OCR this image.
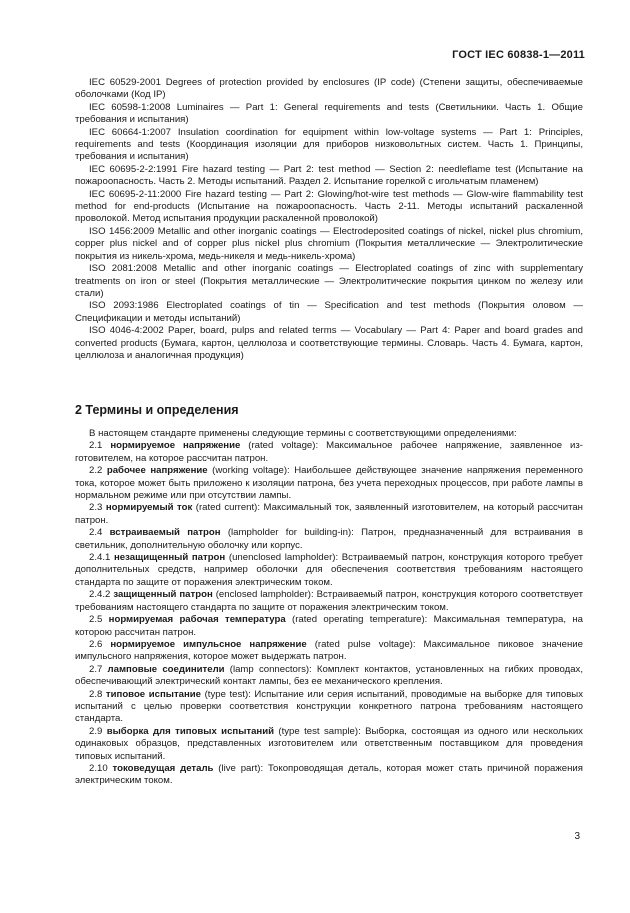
ГОСТ IEC 60838-1—2011

IEC 60529-2001 Degrees of protection provided by enclosures (IP code) (Степени защиты, обеспечиваемые оболочками (Код IP)

IEC 60598-1:2008 Luminaires — Part 1: General requirements and tests (Светильники. Часть 1. Общие требования и испытания)

IEC 60664-1:2007 Insulation coordination for equipment within low-voltage systems — Part 1: Principles, requirements and tests (Координация изоляции для приборов низковольтных систем. Часть 1. Принципы, требования и испытания)

IEC 60695-2-2:1991 Fire hazard testing — Part 2: test method — Section 2: needleflame test (Испытание на пожароопасность. Часть 2. Методы испытаний. Раздел 2. Испытание горелкой с игольчатым пламенем)

IEC 60695-2-11:2000 Fire hazard testing — Part 2: Glowing/hot-wire test methods — Glow-wire flammability test method for end-products (Испытание на пожароопасность. Часть 2-11. Методы испытаний раскаленной проволокой. Метод испытания продукции раскаленной проволокой)

ISO 1456:2009 Metallic and other inorganic coatings — Electrodeposited coatings of nickel, nickel plus chromium, copper plus nickel and of copper plus nickel plus chromium (Покрытия металлические — Электролитические покрытия из никель-хрома, медь-никеля и медь-никель-хрома)

ISO 2081:2008 Metallic and other inorganic coatings — Electroplated coatings of zinc with supplementary treatments on iron or steel (Покрытия металлические — Электролитические покрытия цинком по железу или стали)

ISO 2093:1986 Electroplated coatings of tin — Specification and test methods (Покрытия оловом — Спецификации и методы испытаний)

ISO 4046-4:2002 Paper, board, pulps and related terms — Vocabulary — Part 4: Paper and board grades and converted products (Бумага, картон, целлюлоза и соответствующие термины. Словарь. Часть 4. Бумага, картон, целлюлоза и аналогичная продукция)

2 Термины и определения

В настоящем стандарте применены следующие термины с соответствующими определениями:

2.1 нормируемое напряжение (rated voltage): Максимальное рабочее напряжение, заявленное изготовителем, на которое рассчитан патрон.

2.2 рабочее напряжение (working voltage): Наибольшее действующее значение напряжения переменного тока, которое может быть приложено к изоляции патрона, без учета переходных процессов, при работе лампы в нормальном режиме или при отсутствии лампы.

2.3 нормируемый ток (rated current): Максимальный ток, заявленный изготовителем, на который рассчитан патрон.

2.4 встраиваемый патрон (lampholder for building-in): Патрон, предназначенный для встраивания в светильник, дополнительную оболочку или корпус.

2.4.1 незащищенный патрон (unenclosed lampholder): Встраиваемый патрон, конструкция которого требует дополнительных средств, например оболочки для обеспечения соответствия требованиям настоящего стандарта по защите от поражения электрическим током.

2.4.2 защищенный патрон (enclosed lampholder): Встраиваемый патрон, конструкция которого соответствует требованиям настоящего стандарта по защите от поражения электрическим током.

2.5 нормируемая рабочая температура (rated operating temperature): Максимальная температура, на которою рассчитан патрон.

2.6 нормируемое импульсное напряжение (rated pulse voltage): Максимальное пиковое значение импульсного напряжения, которое может выдержать патрон.

2.7 ламповые соединители (lamp connectors): Комплект контактов, установленных на гибких проводах, обеспечивающий электрический контакт лампы, без ее механического крепления.

2.8 типовое испытание (type test): Испытание или серия испытаний, проводимые на выборке для типовых испытаний с целью проверки соответствия конструкции конкретного патрона требованиям настоящего стандарта.

2.9 выборка для типовых испытаний (type test sample): Выборка, состоящая из одного или нескольких одинаковых образцов, представленных изготовителем или ответственным поставщиком для проведения типовых испытаний.

2.10 токоведущая деталь (live part): Токопроводящая деталь, которая может стать причиной поражения электрическим током.

3
